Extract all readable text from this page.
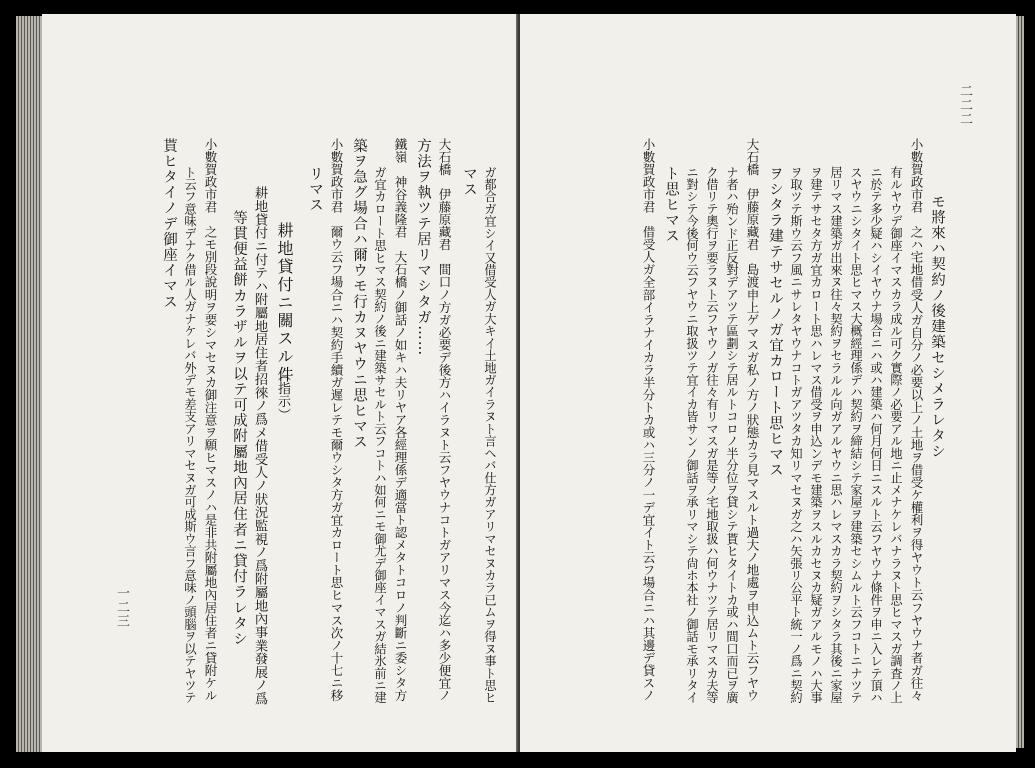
ガ都合ガ宜シイ又借受人ガ大キイ土地ガイラヌト言ヘバ仕方ガアリマセヌカラ已ムヲ得ヌ事ト思ヒ
マス
大石橋　伊藤原藏君　間口ノ方ガ必要デ後方ハイラヌト云フヤウナコトガアリマス今迄ハ多少便宜ノ
方法ヲ執ツテ居リマシタガ……
鐵嶺　神谷義隆君　大石橋ノ御話ノ如キハ夫リヤア各經理係デ適當ト認メタトコロノ判斷ニ委シタ方
ガ宜カロート思ヒマス契約ノ後ニ建築サセルト云フコトハ如何ニモ御尤デ御座イマスガ結氷前ニ建
築ヲ急グ場合ハ爾ウモ行カヌヤウニ思ヒマス
小數賀政市君　爾ウ云フ場合ニハ契約手續ガ遲レテモ爾ウシタ方ガ宜カロート思ヒマス次ノ十七ニ移
リマス
耕地貸付ニ關スル件
（指示）
耕地貸付ニ付テハ附屬地居住者招徠ノ爲メ借受人ノ狀況監視ノ爲附屬地內事業發展ノ爲
等貫便益餅カラザルヲ以テ可成附屬地內居住者ニ貸付ラレタシ
小數賀政市君　之モ別段說明ヲ要シマセヌカ御注意ヲ願ヒマスノハ是非共附屬地內居住者ニ貸附ケル
ト云フ意味デナク借ル人ガナケレバ外デモ差支アリマセヌガ可成斯ウ言フ意味ノ頭腦ヲ以テヤツテ
貰ヒタイノデ御座イマス
一二三
二二二
モ將來ハ契約ノ後建築セシメラレタシ
小數賀政市君　之ハ宅地借受人ガ自分ノ必要以上ノ土地ヲ借受ケ權利ヲ得ヤウト云フヤウナ者ガ往々
有ルヤウデ御座イマスカラ成ル可ク實際ノ必要アル地ニ止メナケレバナラヌト思ヒマスガ調査ノ上
ニ於テ多少疑ハシイヤウナ場合ニハ或ハ建築ハ何月何日ニスルト云フヤウナ條件ヲ申ニ入レテ頂ハ
スヤウニシタイト思ヒマス大概經理係デハ契約ヲ締結シテ家屋ヲ建築セシムルト云フコトニナツテ
居リマス建築ガ出來ヌ往々契約ヲセラルル向ガアルヤウニ思ハレマスカラ契約ヲシタラ其後ニ家屋
ヲ建テサセタ方ガ宜カロート思ハレマス借受ヲ申込ンデモ建築ヲスルカセヌカ疑ガアルモノハ大事
ヲ取ツテ斯ウ云フ風ニサレタヤウナコトガアツタカ知リマセヌガ之ハ矢張リ公平ト統一ノ爲ニ契約
ヲシタラ建テサセルノガ宜カロート思ヒマス
大石橋　伊藤原藏君　島渡申上ゲマスガ私ノ方ノ狀態カラ見マスルト過大ノ地處ヲ申込ムト云フヤウ
ナ者ハ殆ンド正反對デアツテ區劃シテ居ルトコロノ半分位ヲ貸シテ貰ヒタイトカ或ハ間口而已ヲ廣
ク借リテ奧行ヲ要ラヌト云フヤウノガ往々有リマスガ是等ノ宅地取扱ハ何ウナツテ居リマスカ夫等
ニ對シテ今後何ウ云フヤウニ取扱ツテ宜イカ皆サンノ御話ヲ承リマシテ尙ホ本社ノ御話モ承リタイ
ト思ヒマス
小數賀政市君　借受人ガ全部イラナイカラ半分トカ或ハ三分ノ一デ宜イト云フ場合ニハ其邊デ貸スノ
